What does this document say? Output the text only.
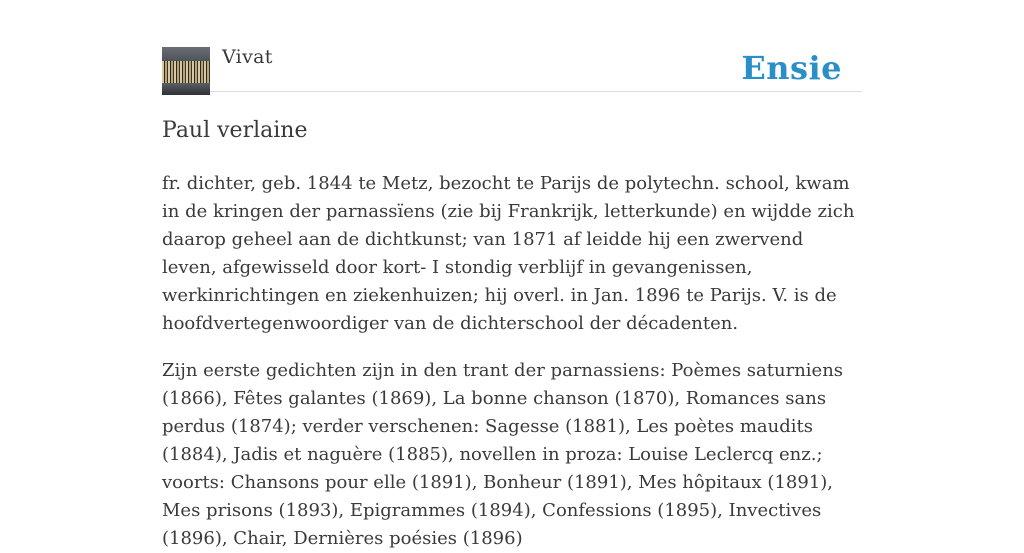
Vivat	Ensie
Paul verlaine

fr. dichter, geb. 1844 te Metz, bezocht te Parijs de polytechn. school, kwam in de kringen der parnassïens (zie bij Frankrijk, letterkunde) en wijdde zich daarop geheel aan de dichtkunst; van 1871 af leidde hij een zwervend leven, afgewisseld door kort- I stondig verblijf in gevangenissen, werkinrichtingen en ziekenhuizen; hij overl. in Jan. 1896 te Parijs. V. is de hoofdvertegenwoordiger van de dichterschool der décadenten.

Zijn eerste gedichten zijn in den trant der parnassiens: Poèmes saturniens (1866), Fêtes galantes (1869), La bonne chanson (1870), Romances sans perdus (1874); verder verschenen: Sagesse (1881), Les poètes maudits (1884), Jadis et naguère (1885), novellen in proza: Louise Leclercq enz.; voorts: Chansons pour elle (1891), Bonheur (1891), Mes hôpitaux (1891), Mes prisons (1893), Epigrammes (1894), Confessions (1895), Invectives (1896), Chair, Dernières poésies (1896)
